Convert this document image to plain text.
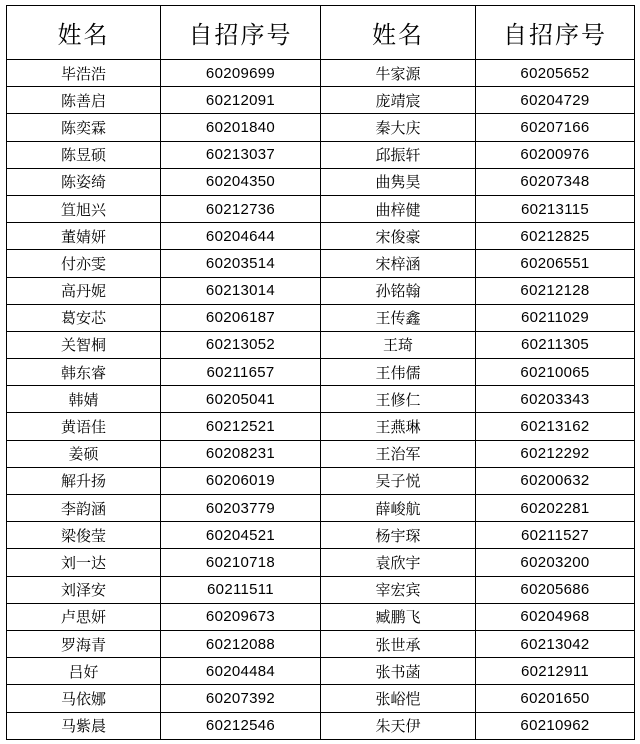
姓名	自招序号	姓名	自招序号
毕浩浩	60209699	牛家源	60205652
陈善启	60212091	庞靖宸	60204729
陈奕霖	60201840	秦大庆	60207166
陈昱硕	60213037	邱振轩	60200976
陈姿绮	60204350	曲隽昊	60207348
笪旭兴	60212736	曲梓健	60213115
董婧妍	60204644	宋俊豪	60212825
付亦雯	60203514	宋梓涵	60206551
高丹妮	60213014	孙铭翰	60212128
葛安芯	60206187	王传鑫	60211029
关智桐	60213052	王琦	60211305
韩东睿	60211657	王伟儒	60210065
韩婧	60205041	王修仁	60203343
黄语佳	60212521	王燕琳	60213162
姜硕	60208231	王治军	60212292
解升扬	60206019	吴子悦	60200632
李韵涵	60203779	薛峻航	60202281
梁俊莹	60204521	杨宇琛	60211527
刘一达	60210718	袁欣宇	60203200
刘泽安	60211511	宰宏宾	60205686
卢思妍	60209673	臧鹏飞	60204968
罗海青	60212088	张世承	60213042
吕好	60204484	张书菡	60212911
马依娜	60207392	张峪恺	60201650
马紫晨	60212546	朱天伊	60210962
